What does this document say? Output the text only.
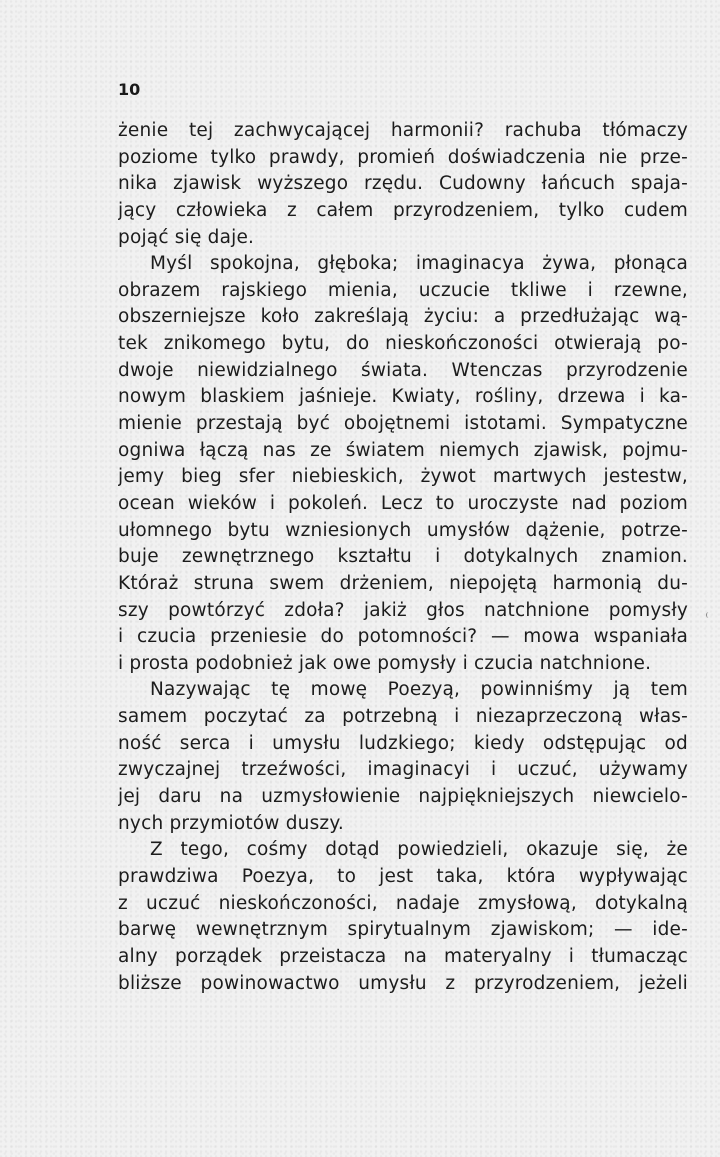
10
żenie tej zachwycającej harmonii? rachuba tłómaczy
poziome tylko prawdy, promień doświadczenia nie prze-
nika zjawisk wyższego rzędu. Cudowny łańcuch spaja-
jący człowieka z całem przyrodzeniem, tylko cudem
pojąć się daje.
Myśl spokojna, głęboka; imaginacya żywa, płonąca
obrazem rajskiego mienia, uczucie tkliwe i rzewne,
obszerniejsze koło zakreślają życiu: a przedłużając wą-
tek znikomego bytu, do nieskończoności otwierają po-
dwoje niewidzialnego świata. Wtenczas przyrodzenie
nowym blaskiem jaśnieje. Kwiaty, rośliny, drzewa i ka-
mienie przestają być obojętnemi istotami. Sympatyczne
ogniwa łączą nas ze światem niemych zjawisk, pojmu-
jemy bieg sfer niebieskich, żywot martwych jestestw,
ocean wieków i pokoleń. Lecz to uroczyste nad poziom
ułomnego bytu wzniesionych umysłów dążenie, potrze-
buje zewnętrznego kształtu i dotykalnych znamion.
Któraż struna swem drżeniem, niepojętą harmonią du-
szy powtórzyć zdoła? jakiż głos natchnione pomysły
i czucia przeniesie do potomności? — mowa wspaniała
i prosta podobnież jak owe pomysły i czucia natchnione.
Nazywając tę mowę Poezyą, powinniśmy ją tem
samem poczytać za potrzebną i niezaprzeczoną włas-
ność serca i umysłu ludzkiego; kiedy odstępując od
zwyczajnej trzeźwości, imaginacyi i uczuć, używamy
jej daru na uzmysłowienie najpiękniejszych niewcielo-
nych przymiotów duszy.
Z tego, cośmy dotąd powiedzieli, okazuje się, że
prawdziwa Poezya, to jest taka, która wypływając
z uczuć nieskończoności, nadaje zmysłową, dotykalną
barwę wewnętrznym spirytualnym zjawiskom; — ide-
alny porządek przeistacza na materyalny i tłumacząc
bliższe powinowactwo umysłu z przyrodzeniem, jeżeli
